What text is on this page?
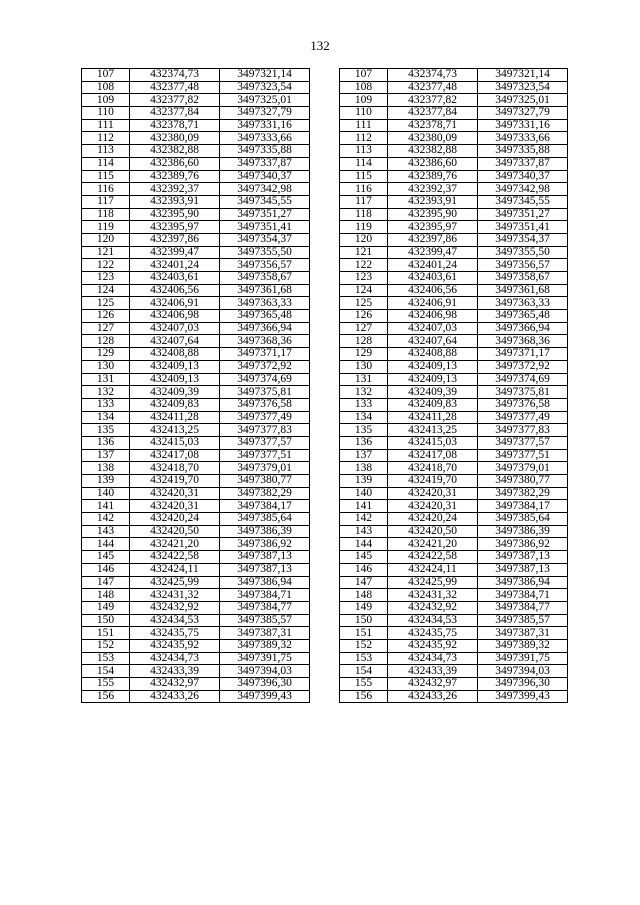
132
107	432374,73	3497321,14		107	432374,73	3497321,14
108	432377,48	3497323,54		108	432377,48	3497323,54
109	432377,82	3497325,01		109	432377,82	3497325,01
110	432377,84	3497327,79		110	432377,84	3497327,79
111	432378,71	3497331,16		111	432378,71	3497331,16
112	432380,09	3497333,66		112	432380,09	3497333,66
113	432382,88	3497335,88		113	432382,88	3497335,88
114	432386,60	3497337,87		114	432386,60	3497337,87
115	432389,76	3497340,37		115	432389,76	3497340,37
116	432392,37	3497342,98		116	432392,37	3497342,98
117	432393,91	3497345,55		117	432393,91	3497345,55
118	432395,90	3497351,27		118	432395,90	3497351,27
119	432395,97	3497351,41		119	432395,97	3497351,41
120	432397,86	3497354,37		120	432397,86	3497354,37
121	432399,47	3497355,50		121	432399,47	3497355,50
122	432401,24	3497356,57		122	432401,24	3497356,57
123	432403,61	3497358,67		123	432403,61	3497358,67
124	432406,56	3497361,68		124	432406,56	3497361,68
125	432406,91	3497363,33		125	432406,91	3497363,33
126	432406,98	3497365,48		126	432406,98	3497365,48
127	432407,03	3497366,94		127	432407,03	3497366,94
128	432407,64	3497368,36		128	432407,64	3497368,36
129	432408,88	3497371,17		129	432408,88	3497371,17
130	432409,13	3497372,92		130	432409,13	3497372,92
131	432409,13	3497374,69		131	432409,13	3497374,69
132	432409,39	3497375,81		132	432409,39	3497375,81
133	432409,83	3497376,58		133	432409,83	3497376,58
134	432411,28	3497377,49		134	432411,28	3497377,49
135	432413,25	3497377,83		135	432413,25	3497377,83
136	432415,03	3497377,57		136	432415,03	3497377,57
137	432417,08	3497377,51		137	432417,08	3497377,51
138	432418,70	3497379,01		138	432418,70	3497379,01
139	432419,70	3497380,77		139	432419,70	3497380,77
140	432420,31	3497382,29		140	432420,31	3497382,29
141	432420,31	3497384,17		141	432420,31	3497384,17
142	432420,24	3497385,64		142	432420,24	3497385,64
143	432420,50	3497386,39		143	432420,50	3497386,39
144	432421,20	3497386,92		144	432421,20	3497386,92
145	432422,58	3497387,13		145	432422,58	3497387,13
146	432424,11	3497387,13		146	432424,11	3497387,13
147	432425,99	3497386,94		147	432425,99	3497386,94
148	432431,32	3497384,71		148	432431,32	3497384,71
149	432432,92	3497384,77		149	432432,92	3497384,77
150	432434,53	3497385,57		150	432434,53	3497385,57
151	432435,75	3497387,31		151	432435,75	3497387,31
152	432435,92	3497389,32		152	432435,92	3497389,32
153	432434,73	3497391,75		153	432434,73	3497391,75
154	432433,39	3497394,03		154	432433,39	3497394,03
155	432432,97	3497396,30		155	432432,97	3497396,30
156	432433,26	3497399,43		156	432433,26	3497399,43
